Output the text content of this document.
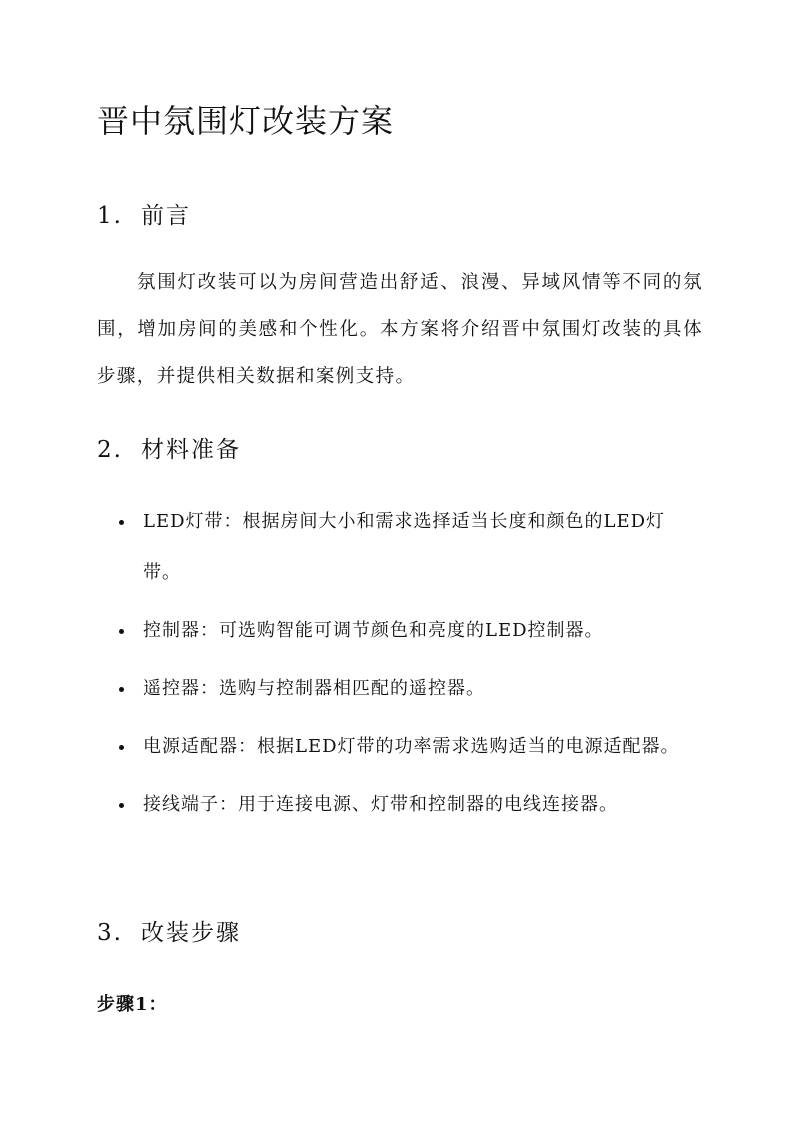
晋中氛围灯改装方案
1. 前言

氛围灯改装可以为房间营造出舒适、浪漫、异域风情等不同的氛围，增加房间的美感和个性化。本方案将介绍晋中氛围灯改装的具体步骤，并提供相关数据和案例支持。

2. 材料准备
LED灯带：根据房间大小和需求选择适当长度和颜色的LED灯带。
控制器：可选购智能可调节颜色和亮度的LED控制器。
遥控器：选购与控制器相匹配的遥控器。
电源适配器：根据LED灯带的功率需求选购适当的电源适配器。
接线端子：用于连接电源、灯带和控制器的电线连接器。
3. 改装步骤

步骤1：
